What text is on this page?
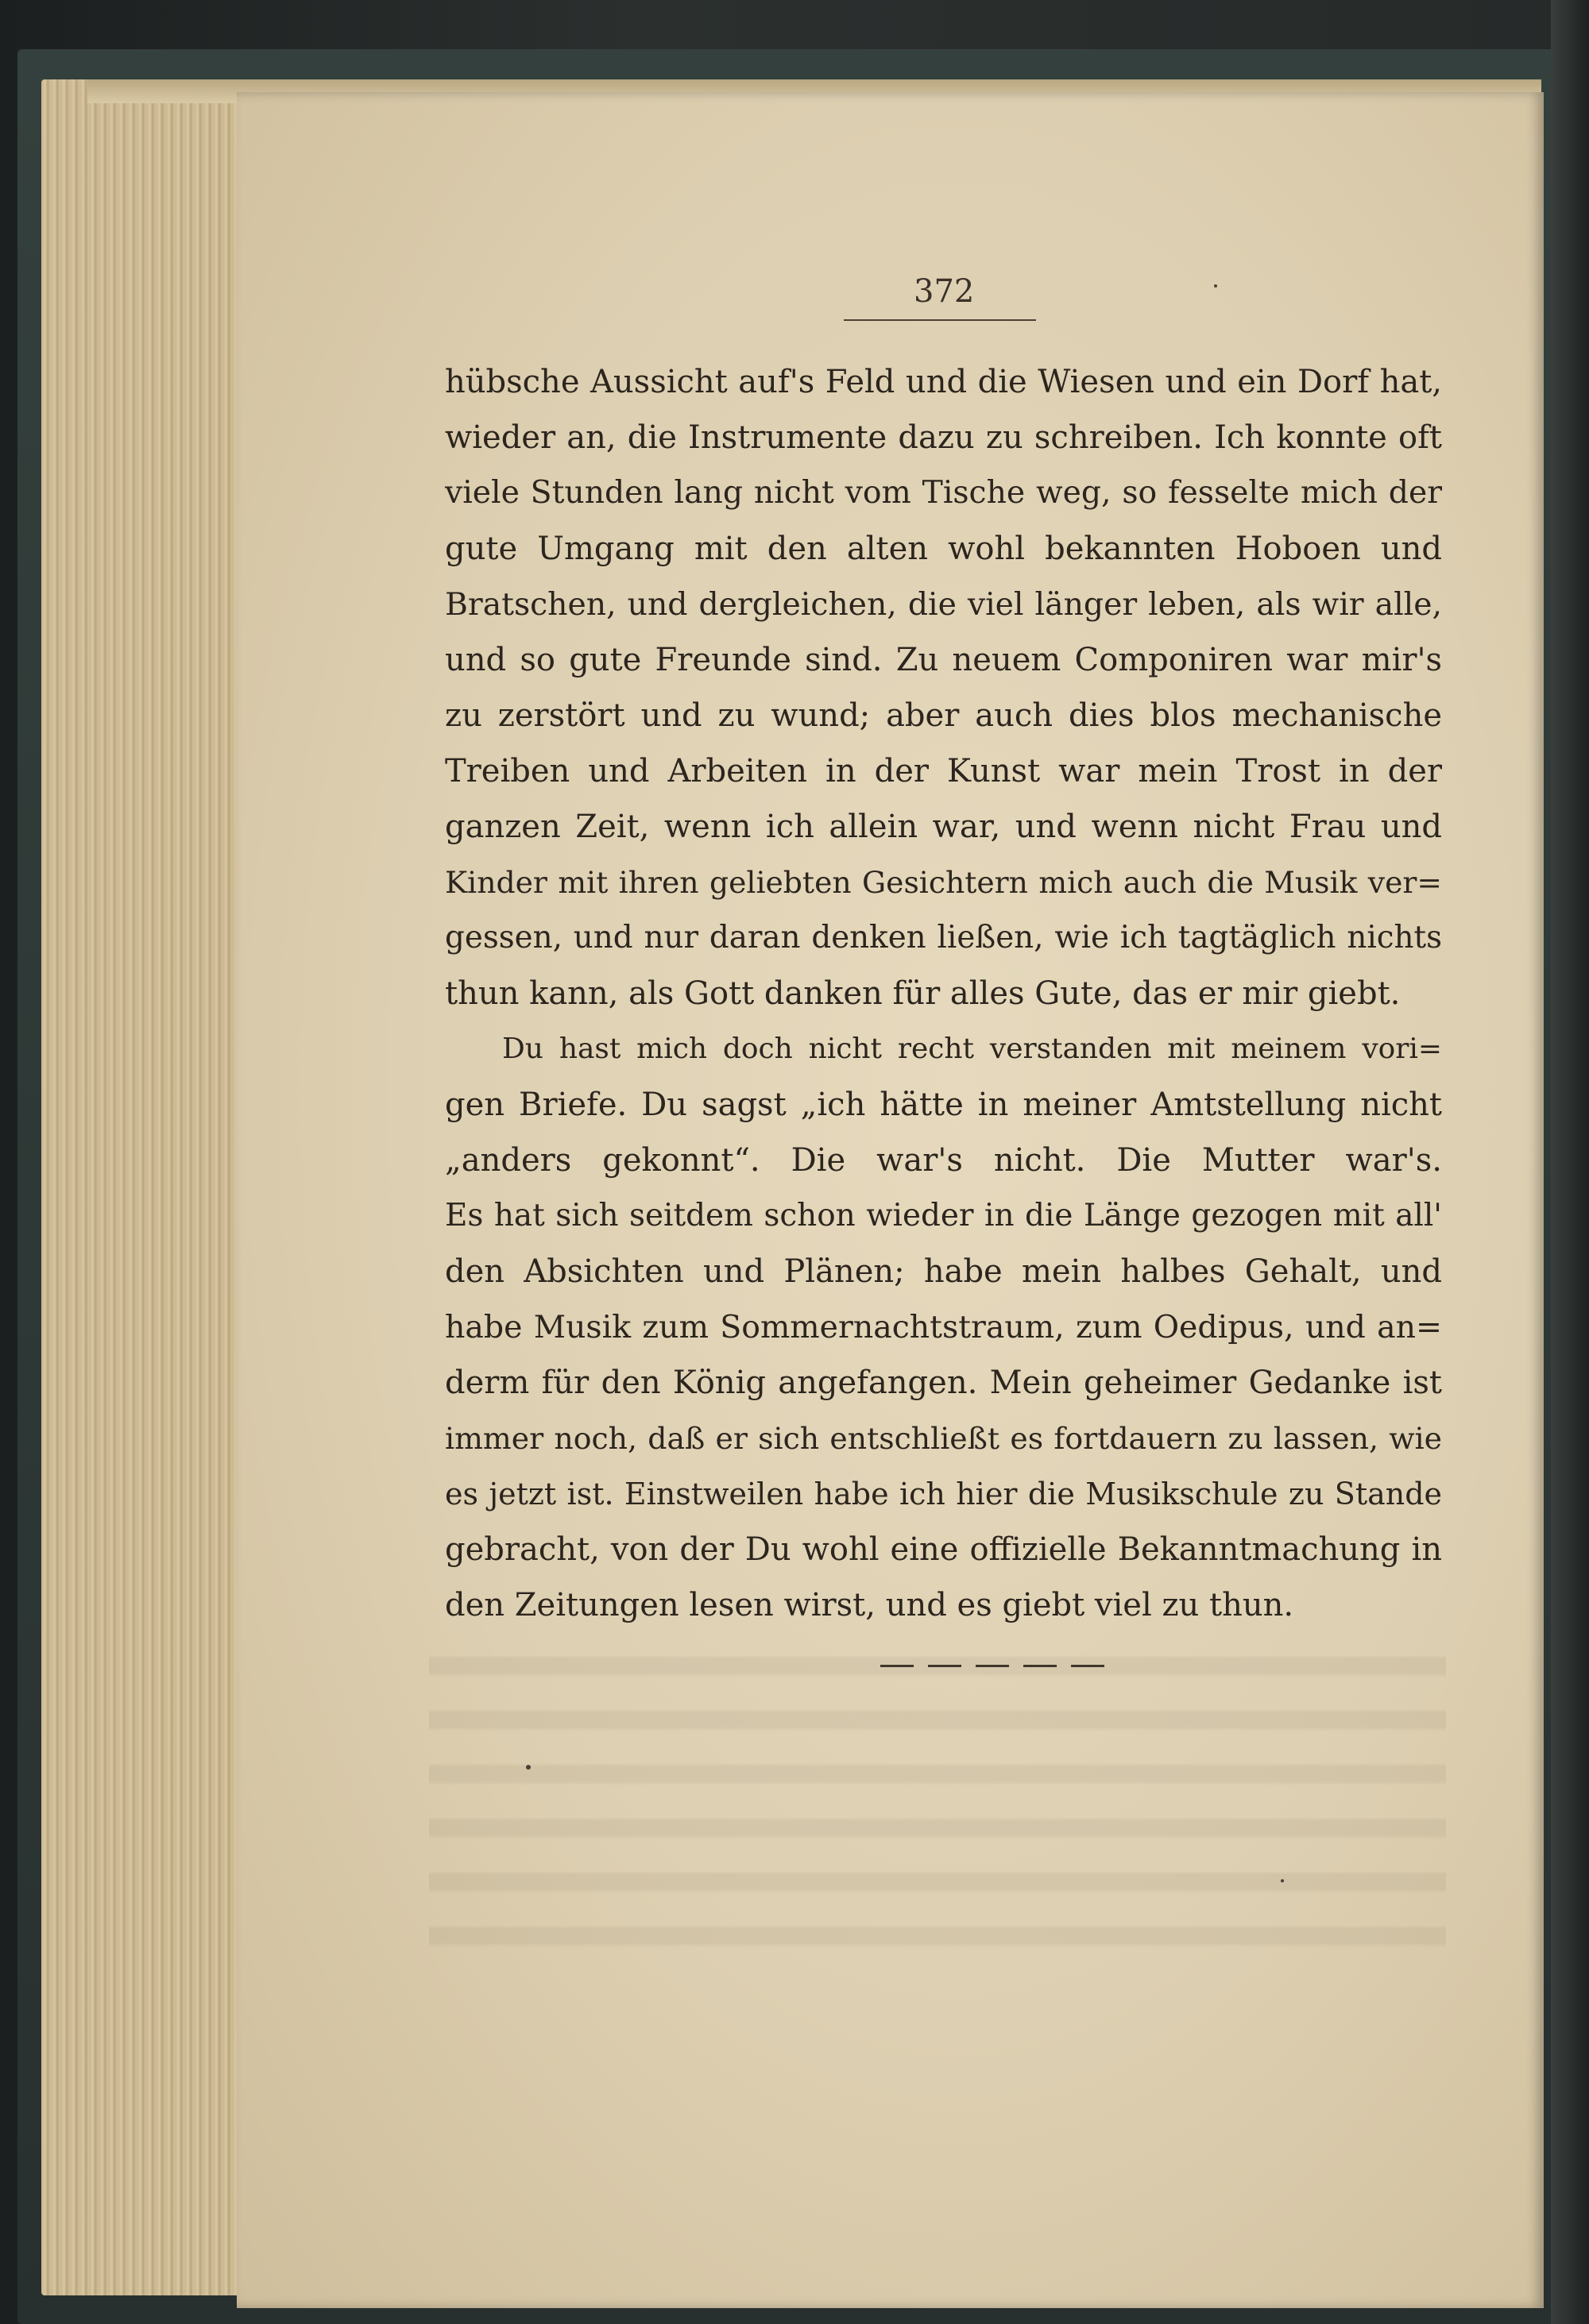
372
hübsche Aussicht auf's Feld und die Wiesen und ein Dorf hat,
wieder an, die Instrumente dazu zu schreiben. Ich konnte oft
viele Stunden lang nicht vom Tische weg, so fesselte mich der
gute Umgang mit den alten wohl bekannten Hoboen und
Bratschen, und dergleichen, die viel länger leben, als wir alle,
und so gute Freunde sind. Zu neuem Componiren war mir's
zu zerstört und zu wund; aber auch dies blos mechanische
Treiben und Arbeiten in der Kunst war mein Trost in der
ganzen Zeit, wenn ich allein war, und wenn nicht Frau und
Kinder mit ihren geliebten Gesichtern mich auch die Musik ver=
gessen, und nur daran denken ließen, wie ich tagtäglich nichts
thun kann, als Gott danken für alles Gute, das er mir giebt.
Du hast mich doch nicht recht verstanden mit meinem vori=
gen Briefe. Du sagst „ich hätte in meiner Amtstellung nicht
„anders gekonnt“. Die war's nicht. Die Mutter war's.
Es hat sich seitdem schon wieder in die Länge gezogen mit all'
den Absichten und Plänen; habe mein halbes Gehalt, und
habe Musik zum Sommernachtstraum, zum Oedipus, und an=
derm für den König angefangen. Mein geheimer Gedanke ist
immer noch, daß er sich entschließt es fortdauern zu lassen, wie
es jetzt ist. Einstweilen habe ich hier die Musikschule zu Stande
gebracht, von der Du wohl eine offizielle Bekanntmachung in
den Zeitungen lesen wirst, und es giebt viel zu thun.
